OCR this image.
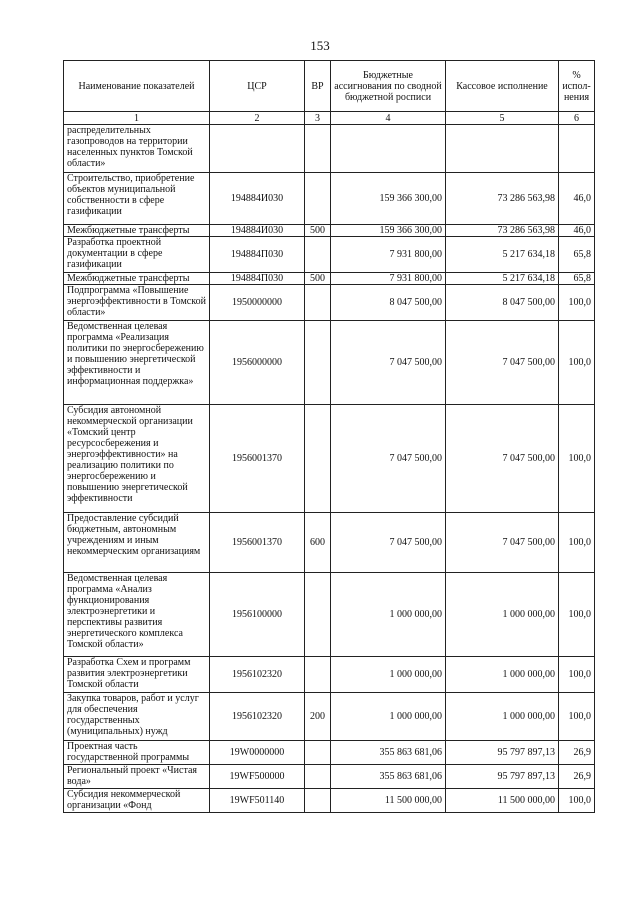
153
Наименование показателей	ЦСР	ВР	Бюджетные ассигнования по сводной бюджетной росписи	Кассовое исполнение	% испол-нения
1	2	3	4	5	6
распределительных газопроводов на территории населенных пунктов Томской области»					
Строительство, приобретение объектов муниципальной собственности в сфере газификации	194884И030		159 366 300,00	73 286 563,98	46,0
Межбюджетные трансферты	194884И030	500	159 366 300,00	73 286 563,98	46,0
Разработка проектной документации в сфере газификации	194884П030		7 931 800,00	5 217 634,18	65,8
Межбюджетные трансферты	194884П030	500	7 931 800,00	5 217 634,18	65,8
Подпрограмма «Повышение энергоэффективности в Томской области»	1950000000		8 047 500,00	8 047 500,00	100,0
Ведомственная целевая программа «Реализация политики по энергосбережению и повышению энергетической эффективности и информационная поддержка»	1956000000		7 047 500,00	7 047 500,00	100,0
Субсидия автономной некоммерческой организации «Томский центр ресурсосбережения и энергоэффективности» на реализацию политики по энергосбережению и повышению энергетической эффективности	1956001370		7 047 500,00	7 047 500,00	100,0
Предоставление субсидий бюджетным, автономным учреждениям и иным некоммерческим организациям	1956001370	600	7 047 500,00	7 047 500,00	100,0
Ведомственная целевая программа «Анализ функционирования электроэнергетики и перспективы развития энергетического комплекса Томской области»	1956100000		1 000 000,00	1 000 000,00	100,0
Разработка Схем и программ развития электроэнергетики Томской области	1956102320		1 000 000,00	1 000 000,00	100,0
Закупка товаров, работ и услуг для обеспечения государственных (муниципальных) нужд	1956102320	200	1 000 000,00	1 000 000,00	100,0
Проектная часть государственной программы	19W0000000		355 863 681,06	95 797 897,13	26,9
Региональный проект «Чистая вода»	19WF500000		355 863 681,06	95 797 897,13	26,9
Субсидия некоммерческой организации «Фонд	19WF501140		11 500 000,00	11 500 000,00	100,0
